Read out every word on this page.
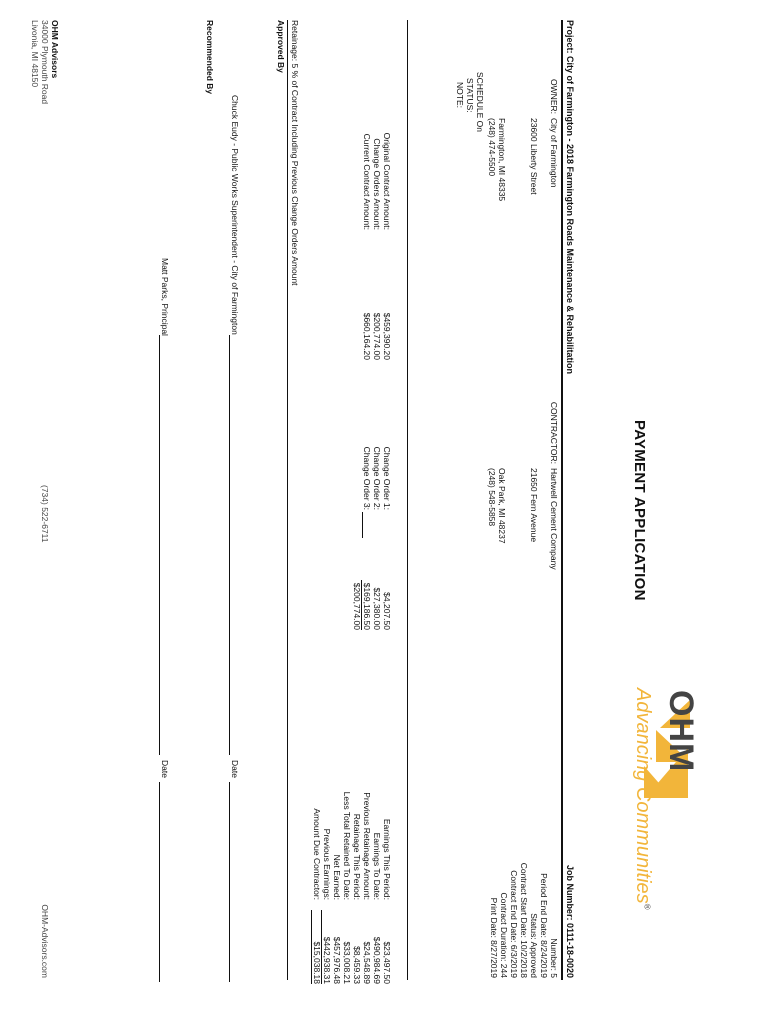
PAYMENT APPLICATION
OHM
Advancing Communities®
Project: City of Farmington - 2018 Farmington Roads Maintenance & Rehabilitation
Job Number: 0111-18-0020
OWNER:
City of Farmington
23600 Liberty Street
Farmington, MI 48335
(248) 474-5500
CONTRACTOR:
Hartwell Cement Company
21650 Fern Avenue
Oak Park, MI 48237
(248) 548-5858
Number: 5
Period End Date: 8/24/2019
Status: Approved
Contract Start Date: 10/2/2018
Contract End Date: 6/3/2019
Contract Duration: 244
Print Date: 8/27/2019
SCHEDULE On
STATUS:
NOTE:
Original Contract Amount:
$459,390.20
Change Orders Amount:
$200,774.00
Current Contract Amount:
$660,164.20
Change Order 1:
$4,207.50
Change Order 2:
$27,380.00
Change Order 3:
$169,186.50
$200,774.00
Earnings This Period:
$23,497.50
Earnings To Date:
$490,984.69
Previous Retainage Amount:
$24,548.89
Retainage This Period:
$8,459.33
Less Total Retained To Date:
$33,008.21
Net Earned:
$457,976.48
Previous Earnings:
$442,938.31
Amount Due Contractor:
$15,038.18
Retainage: 5 % of Contract Including Previous Change Orders Amount
Approved By
Chuck Eudy - Public Works Superintendent - City of Farmington
Date
Recommended By
Matt Parks, Principal
Date
OHM Advisors
34000 Plymouth Road
Livonia, MI 48150
(734) 522-6711
OHM-Advisors.com
